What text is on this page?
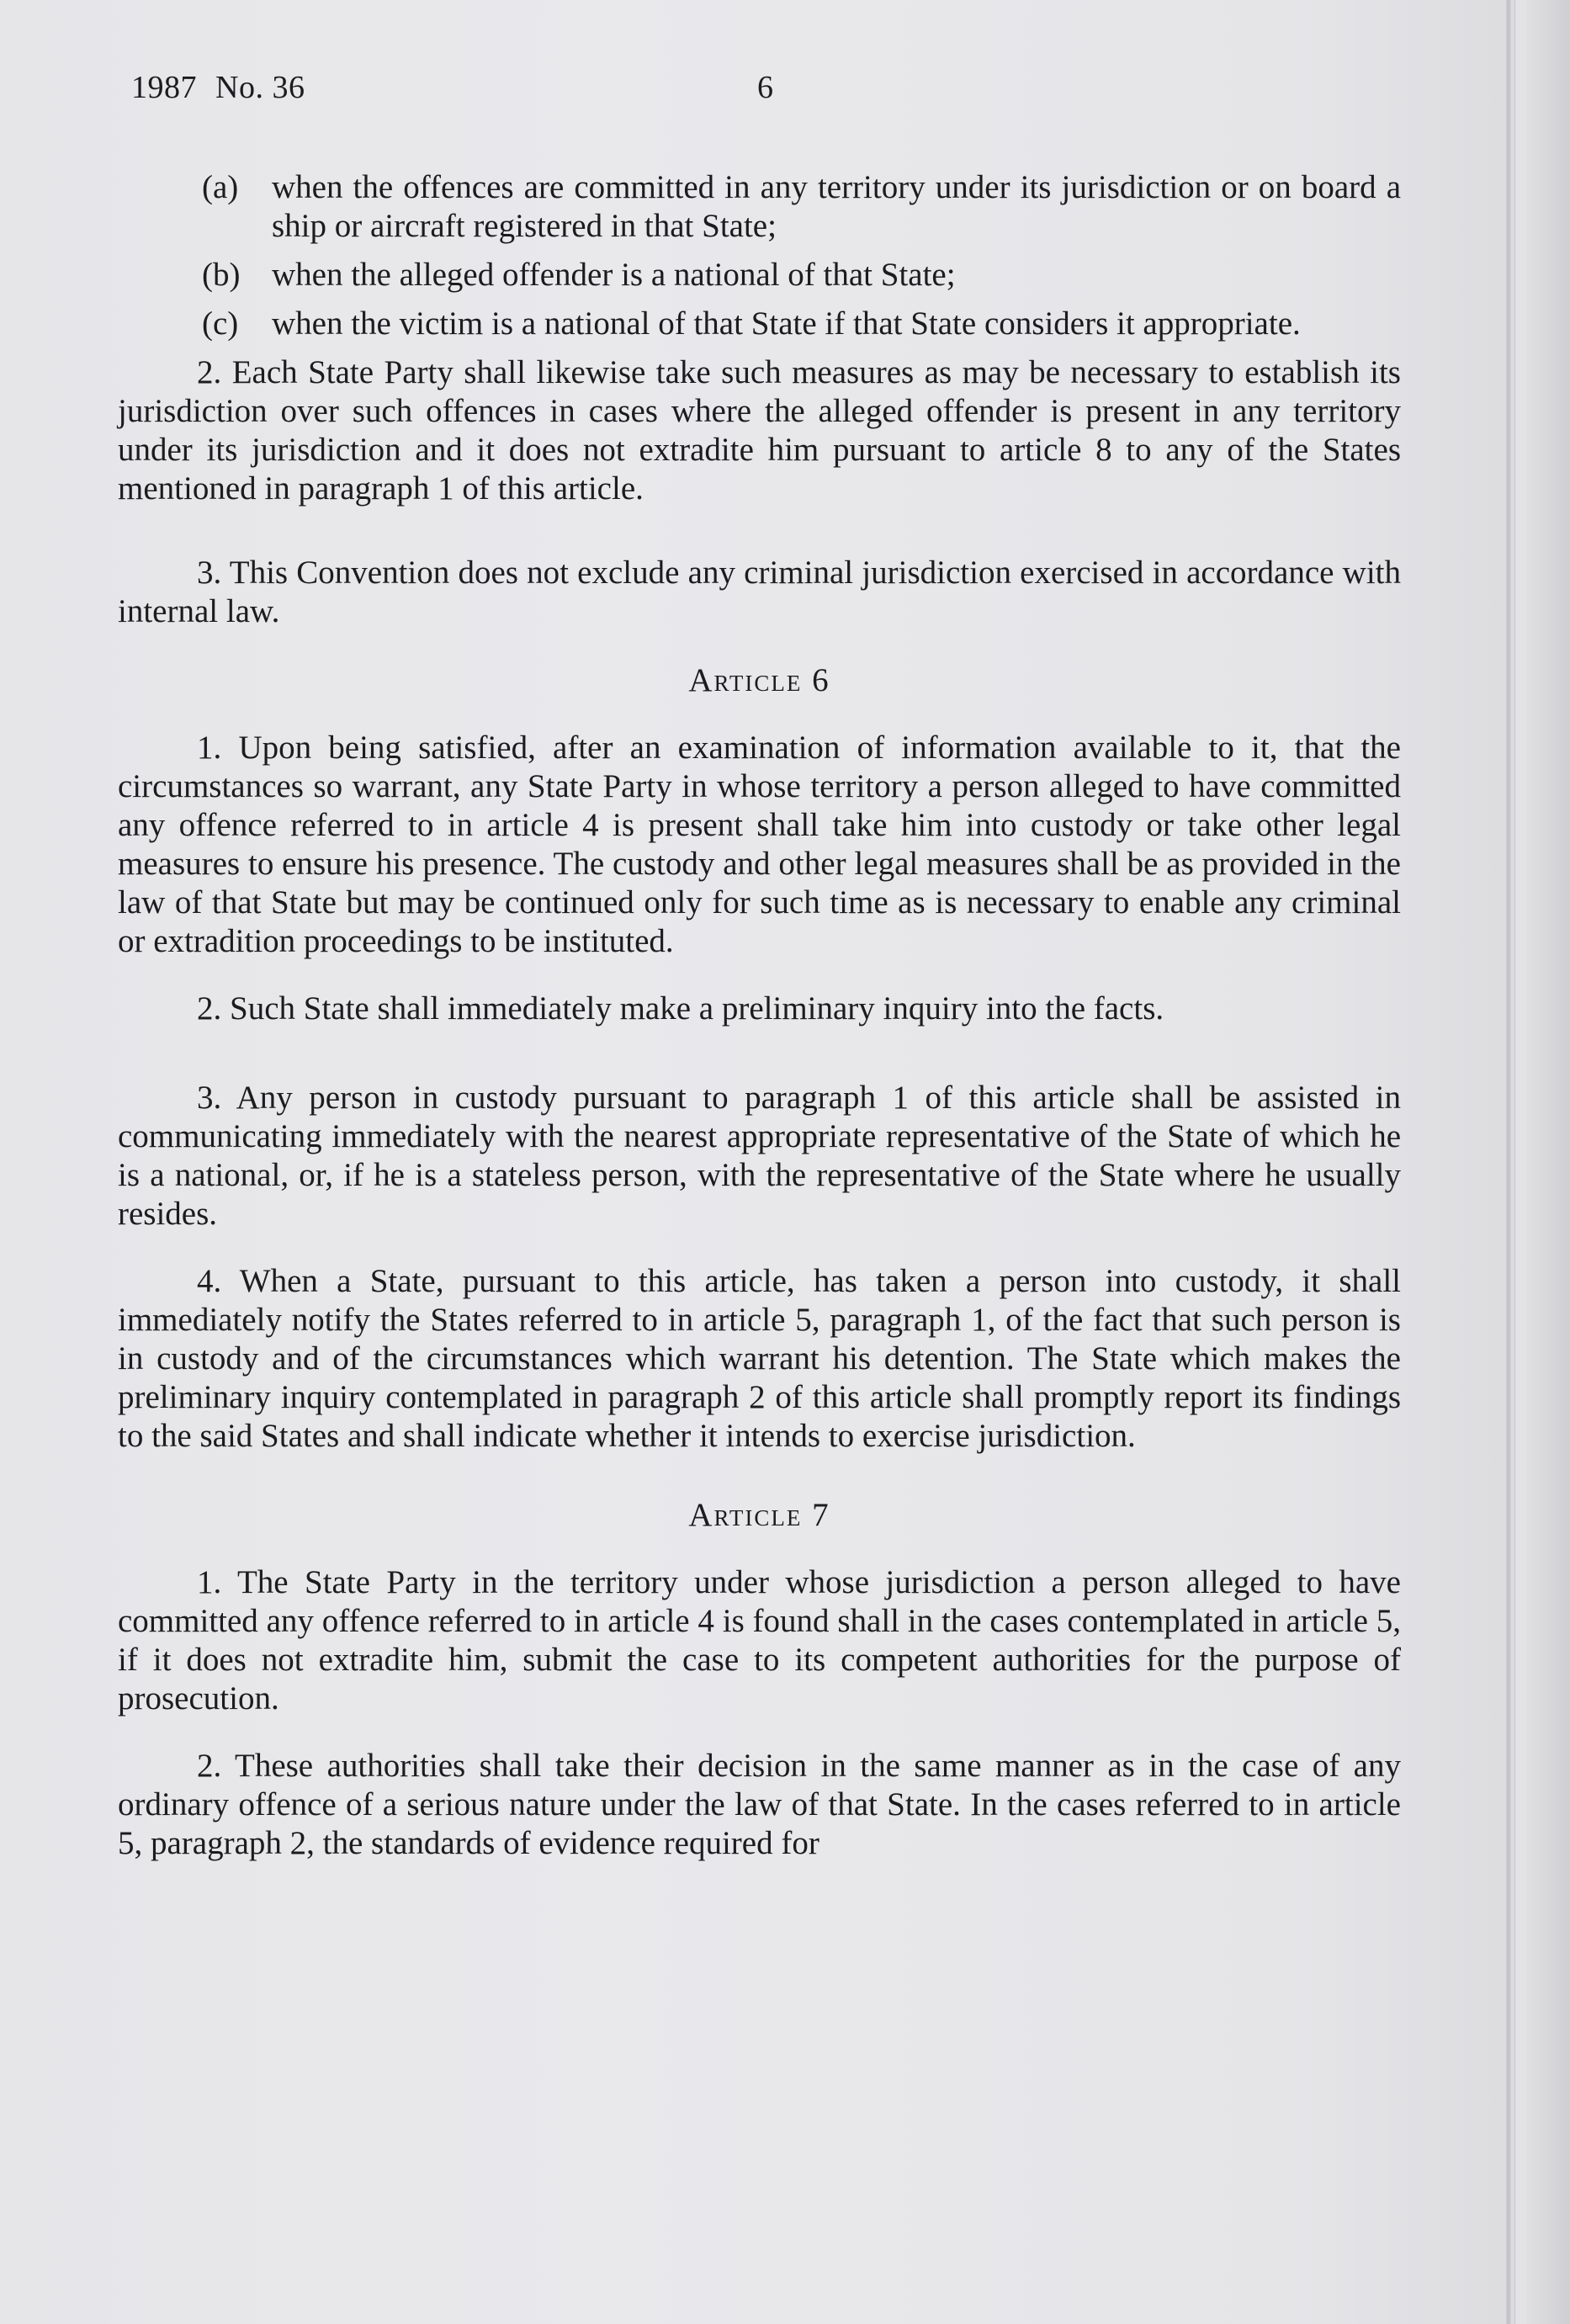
1987 No. 36	6
(a) when the offences are committed in any territory under its jurisdiction or on board a ship or aircraft registered in that State;

(b) when the alleged offender is a national of that State;

(c) when the victim is a national of that State if that State considers it appropriate.

2. Each State Party shall likewise take such measures as may be necessary to establish its jurisdiction over such offences in cases where the alleged offender is present in any territory under its jurisdiction and it does not extradite him pursuant to article 8 to any of the States mentioned in paragraph 1 of this article.

3. This Convention does not exclude any criminal jurisdiction exercised in accordance with internal law.

Article 6

1. Upon being satisfied, after an examination of information available to it, that the circumstances so warrant, any State Party in whose territory a person alleged to have committed any offence referred to in article 4 is present shall take him into custody or take other legal measures to ensure his presence. The custody and other legal measures shall be as provided in the law of that State but may be continued only for such time as is necessary to enable any criminal or extradition proceedings to be instituted.

2. Such State shall immediately make a preliminary inquiry into the facts.

3. Any person in custody pursuant to paragraph 1 of this article shall be assisted in communicating immediately with the nearest appropriate representative of the State of which he is a national, or, if he is a stateless person, with the representative of the State where he usually resides.

4. When a State, pursuant to this article, has taken a person into custody, it shall immediately notify the States referred to in article 5, paragraph 1, of the fact that such person is in custody and of the circumstances which warrant his detention. The State which makes the preliminary inquiry contemplated in paragraph 2 of this article shall promptly report its findings to the said States and shall indicate whether it intends to exercise jurisdiction.

Article 7

1. The State Party in the territory under whose jurisdiction a person alleged to have committed any offence referred to in article 4 is found shall in the cases contemplated in article 5, if it does not extradite him, submit the case to its competent authorities for the purpose of prosecution.

2. These authorities shall take their decision in the same manner as in the case of any ordinary offence of a serious nature under the law of that State. In the cases referred to in article 5, paragraph 2, the standards of evidence required for
